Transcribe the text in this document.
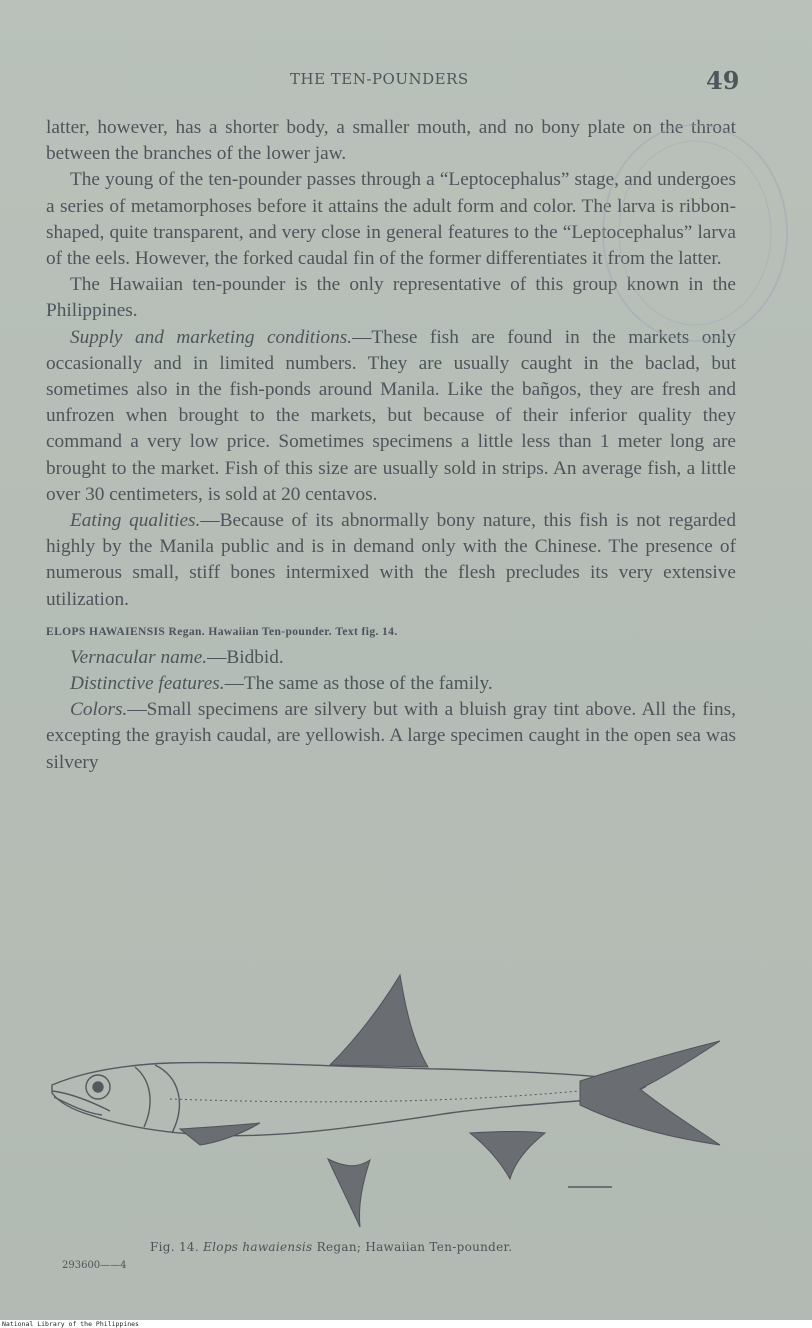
THE TEN-POUNDERS	49

latter, however, has a shorter body, a smaller mouth, and no bony plate on the throat between the branches of the lower jaw.

The young of the ten-pounder passes through a “Leptocephalus” stage, and undergoes a series of metamorphoses before it attains the adult form and color. The larva is ribbon-shaped, quite transparent, and very close in general features to the “Leptocephalus” larva of the eels. However, the forked caudal fin of the former differentiates it from the latter.

The Hawaiian ten-pounder is the only representative of this group known in the Philippines.

Supply and marketing conditions.—These fish are found in the markets only occasionally and in limited numbers. They are usually caught in the baclad, but sometimes also in the fish-ponds around Manila. Like the bañgos, they are fresh and unfrozen when brought to the markets, but because of their inferior quality they command a very low price. Sometimes specimens a little less than 1 meter long are brought to the market. Fish of this size are usually sold in strips. An average fish, a little over 30 centimeters, is sold at 20 centavos.

Eating qualities.—Because of its abnormally bony nature, this fish is not regarded highly by the Manila public and is in demand only with the Chinese. The presence of numerous small, stiff bones intermixed with the flesh precludes its very extensive utilization.

ELOPS HAWAIENSIS Regan. Hawaiian Ten-pounder. Text fig. 14.

Vernacular name.—Bidbid.

Distinctive features.—The same as those of the family.

Colors.—Small specimens are silvery but with a bluish gray tint above. All the fins, excepting the grayish caudal, are yellowish. A large specimen caught in the open sea was silvery

Fig. 14. Elops hawaiensis Regan; Hawaiian Ten-pounder.
293600——4
National Library of the Philippines
